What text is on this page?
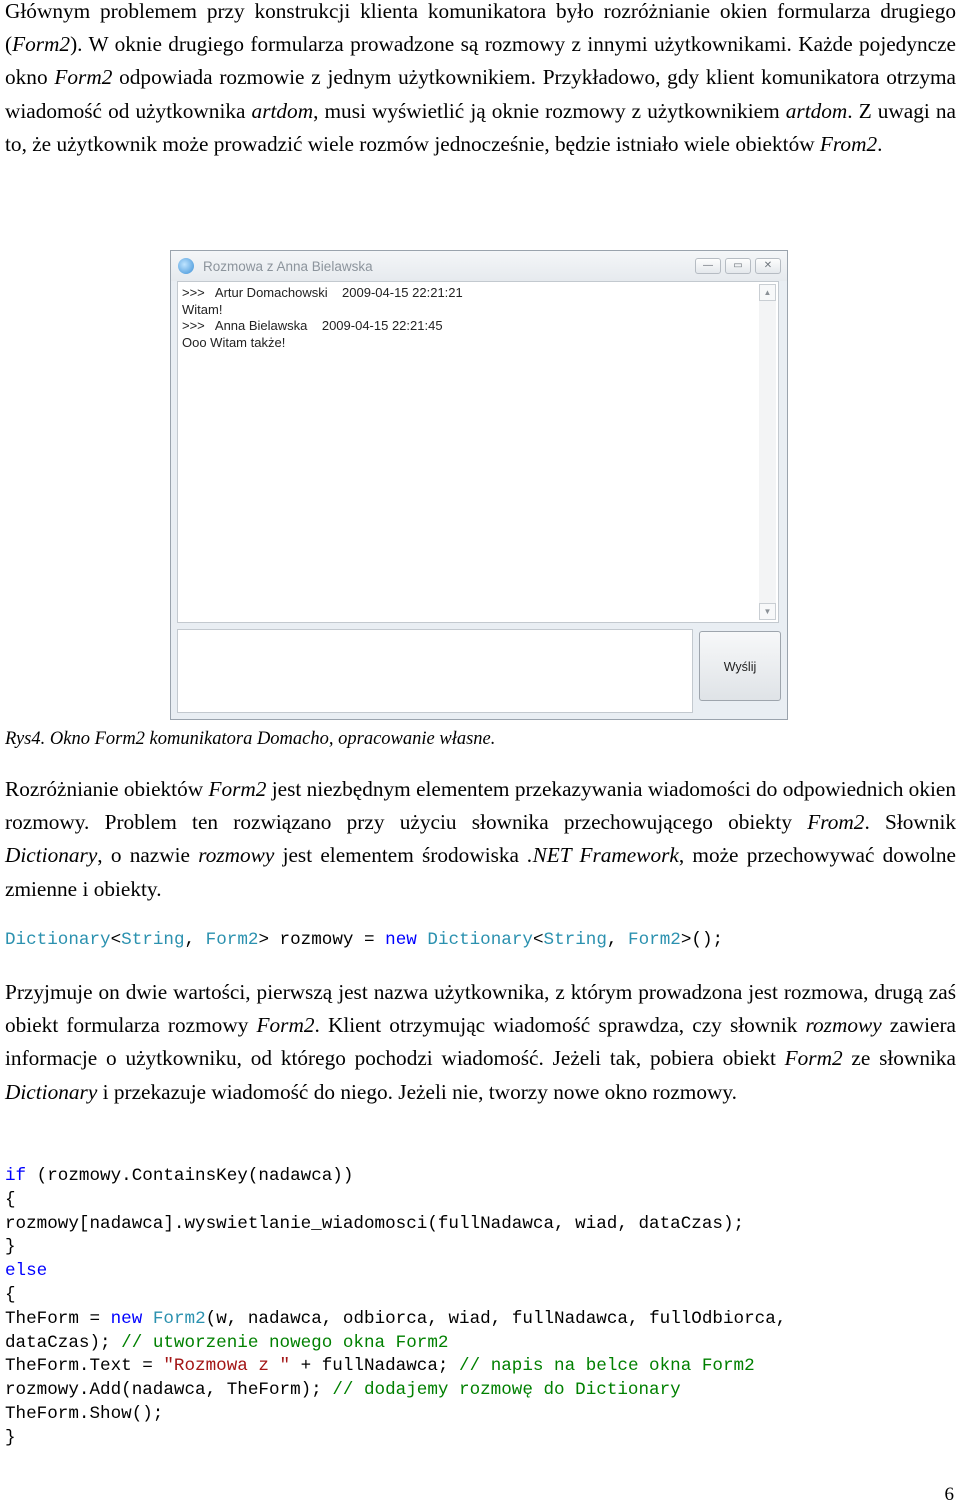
Głównym problemem przy konstrukcji klienta komunikatora było rozróżnianie okien formularza drugiego (Form2). W oknie drugiego formularza prowadzone są rozmowy z innymi użytkownikami. Każde pojedyncze okno Form2 odpowiada rozmowie z jednym użytkownikiem. Przykładowo, gdy klient komunikatora otrzyma wiadomość od użytkownika artdom, musi wyświetlić ją oknie rozmowy z użytkownikiem artdom. Z uwagi na to, że użytkownik może prowadzić wiele rozmów jednocześnie, będzie istniało wiele obiektów From2.

Rozmowa z Anna Bielawska	—	▭	✕
>>>   Artur Domachowski    2009-04-15 22:21:21
Witam!
>>>   Anna Bielawska    2009-04-15 22:21:45
Ooo Witam także!
▲
▼
Wyślij
Rys4. Okno Form2 komunikatora Domacho, opracowanie własne.

Rozróżnianie obiektów Form2 jest niezbędnym elementem przekazywania wiadomości do odpowiednich okien rozmowy. Problem ten rozwiązano przy użyciu słownika przechowującego obiekty From2. Słownik Dictionary, o nazwie rozmowy jest elementem środowiska .NET Framework, może przechowywać dowolne zmienne i obiekty.

Dictionary<String, Form2> rozmowy = new Dictionary<String, Form2>();

Przyjmuje on dwie wartości, pierwszą jest nazwa użytkownika, z którym prowadzona jest rozmowa, drugą zaś obiekt formularza rozmowy Form2. Klient otrzymując wiadomość sprawdza, czy słownik rozmowy zawiera informacje o użytkowniku, od którego pochodzi wiadomość. Jeżeli tak, pobiera obiekt Form2 ze słownika Dictionary i przekazuje wiadomość do niego. Jeżeli nie, tworzy nowe okno rozmowy.

if (rozmowy.ContainsKey(nadawca))
{
rozmowy[nadawca].wyswietlanie_wiadomosci(fullNadawca, wiad, dataCzas);
}
else
{
TheForm = new Form2(w, nadawca, odbiorca, wiad, fullNadawca, fullOdbiorca,
dataCzas); // utworzenie nowego okna Form2
TheForm.Text = "Rozmowa z " + fullNadawca; // napis na belce okna Form2
rozmowy.Add(nadawca, TheForm); // dodajemy rozmowę do Dictionary
TheForm.Show();
}
6
